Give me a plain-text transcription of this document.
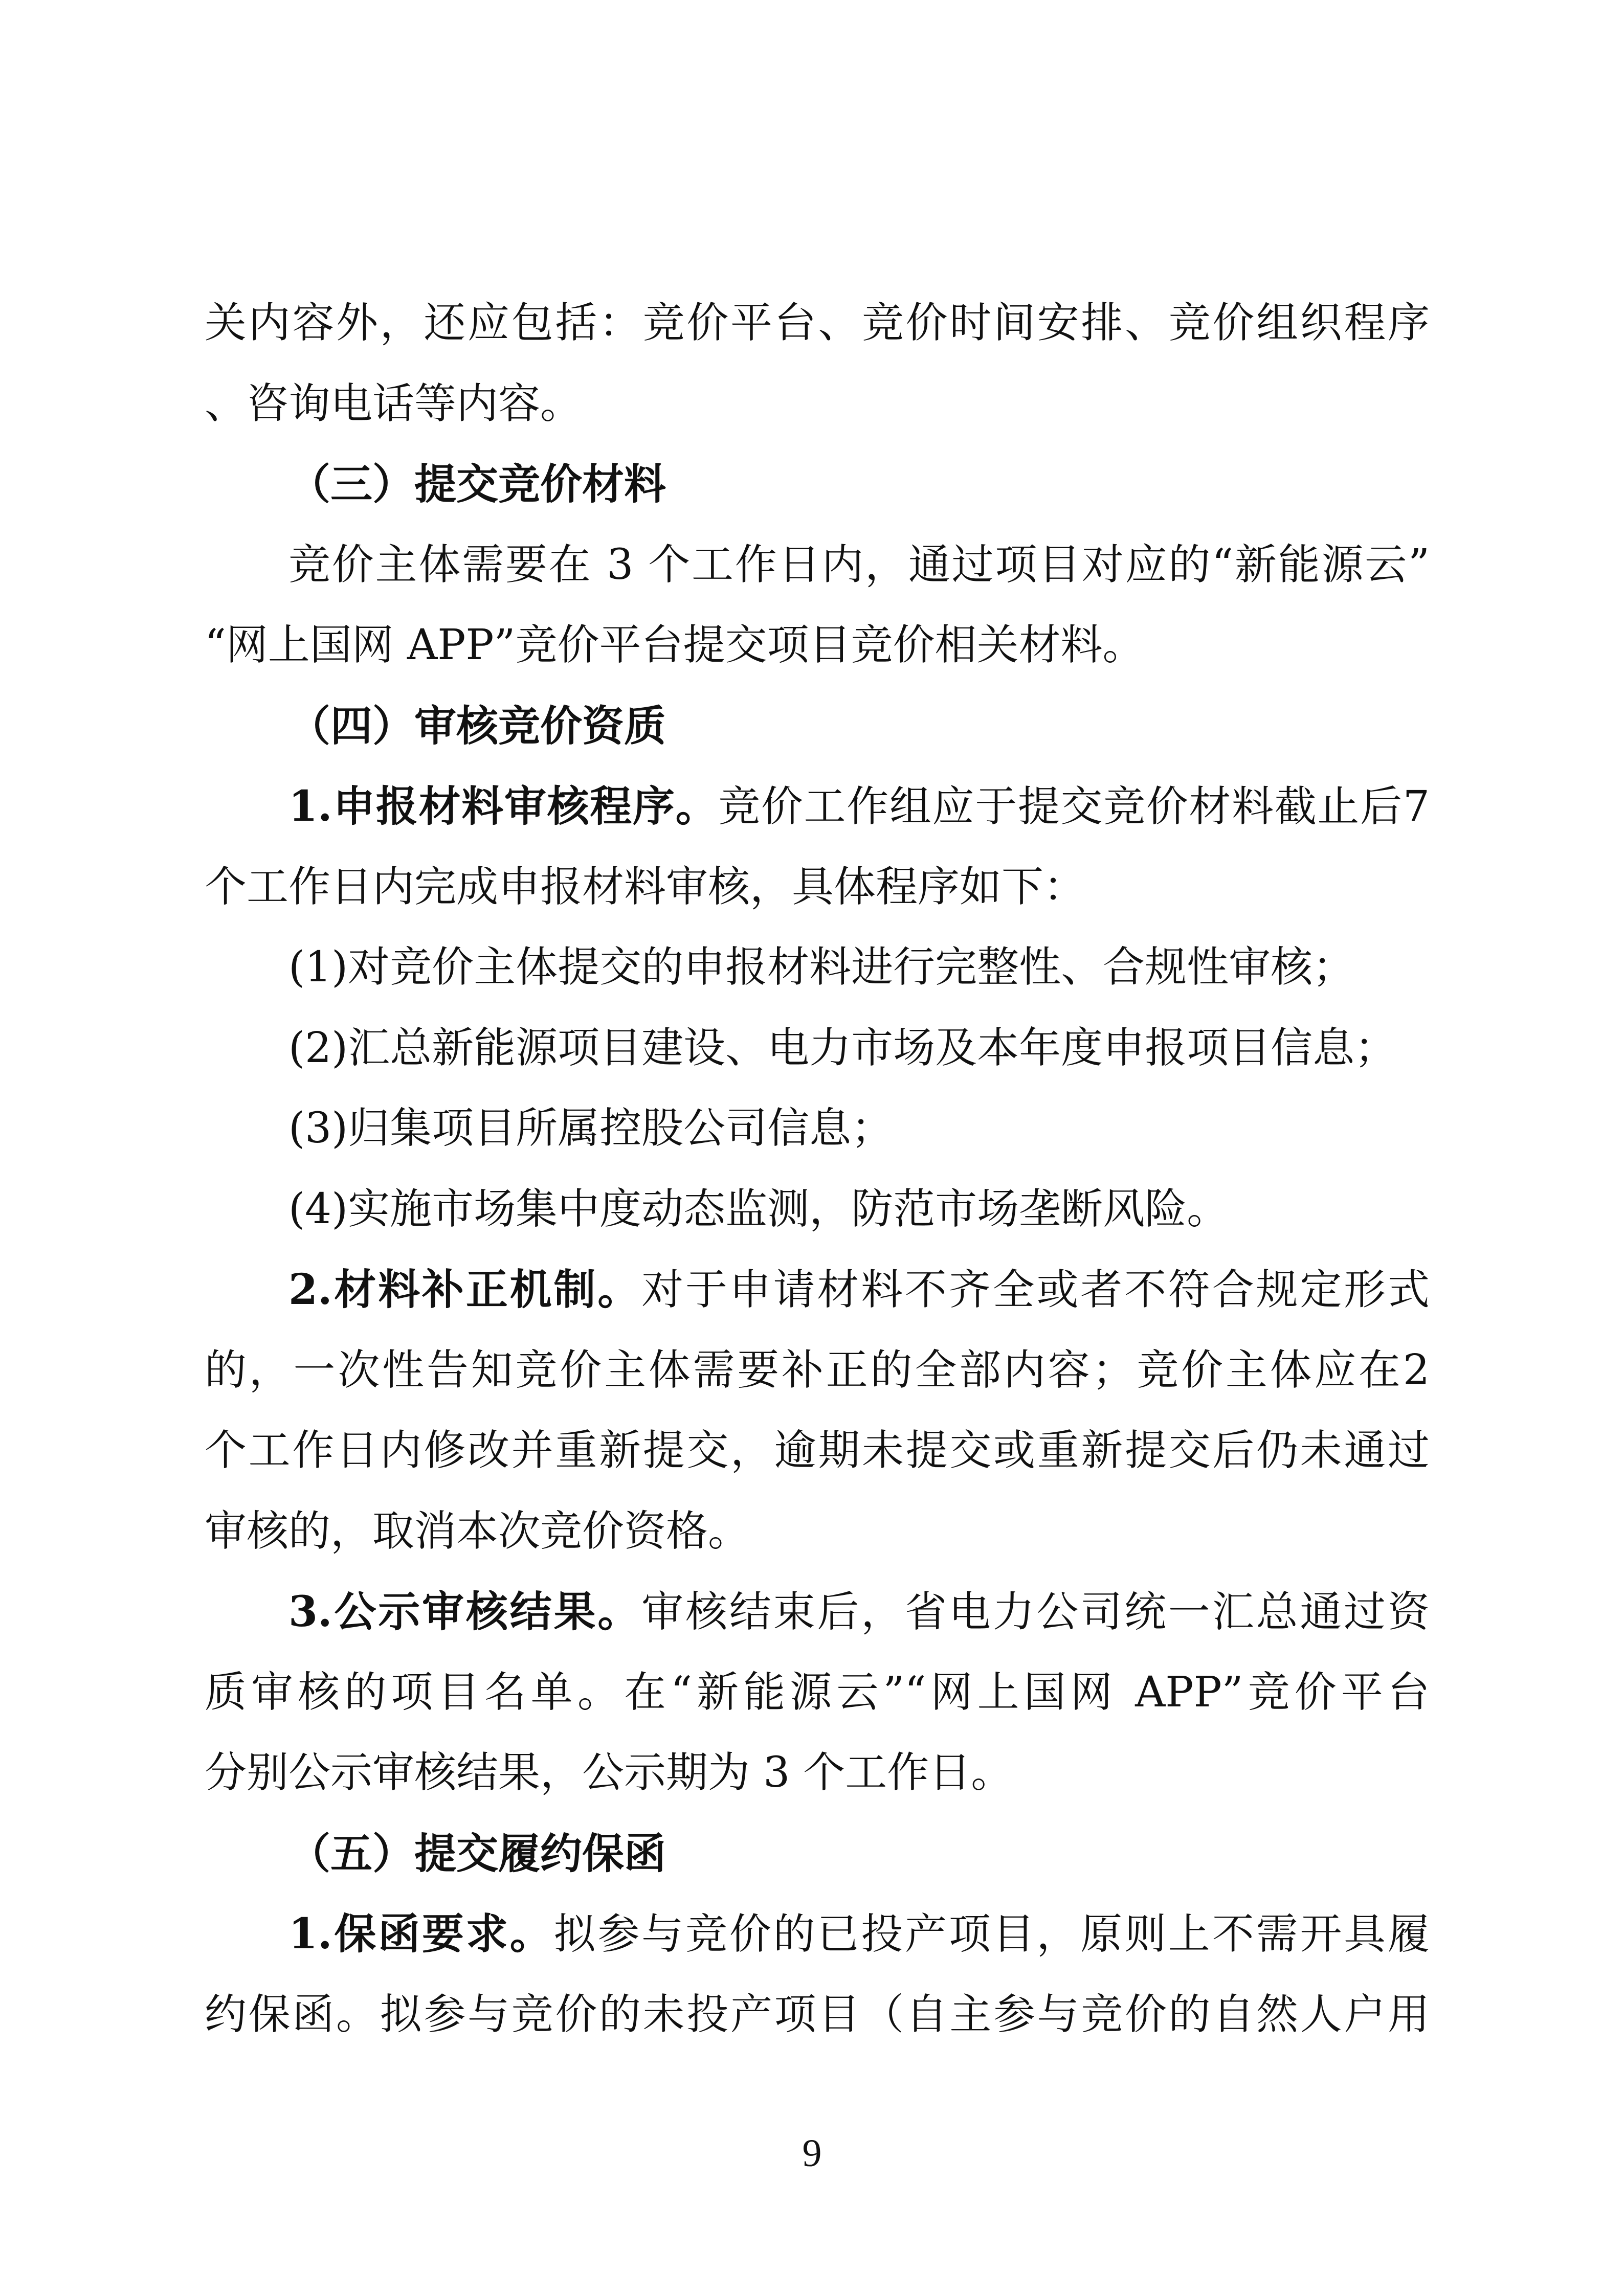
关内容外，还应包括：竞价平台、竞价时间安排、竞价组织程序
、咨询电话等内容。
（三）提交竞价材料
竞价主体需要在 3 个工作日内，通过项目对应的“新能源云”
“网上国网 APP”竞价平台提交项目竞价相关材料。
（四）审核竞价资质
1.申报材料审核程序。竞价工作组应于提交竞价材料截止后7
个工作日内完成申报材料审核，具体程序如下：
(1)对竞价主体提交的申报材料进行完整性、合规性审核；
(2)汇总新能源项目建设、电力市场及本年度申报项目信息；
(3)归集项目所属控股公司信息；
(4)实施市场集中度动态监测，防范市场垄断风险。
2.材料补正机制。对于申请材料不齐全或者不符合规定形式
的，一次性告知竞价主体需要补正的全部内容；竞价主体应在2
个工作日内修改并重新提交，逾期未提交或重新提交后仍未通过
审核的，取消本次竞价资格。
3.公示审核结果。审核结束后，省电力公司统一汇总通过资
质审核的项目名单。在“新能源云”“网上国网 APP”竞价平台
分别公示审核结果，公示期为 3 个工作日。
（五）提交履约保函
1.保函要求。拟参与竞价的已投产项目，原则上不需开具履
约保函。拟参与竞价的未投产项目（自主参与竞价的自然人户用
9
